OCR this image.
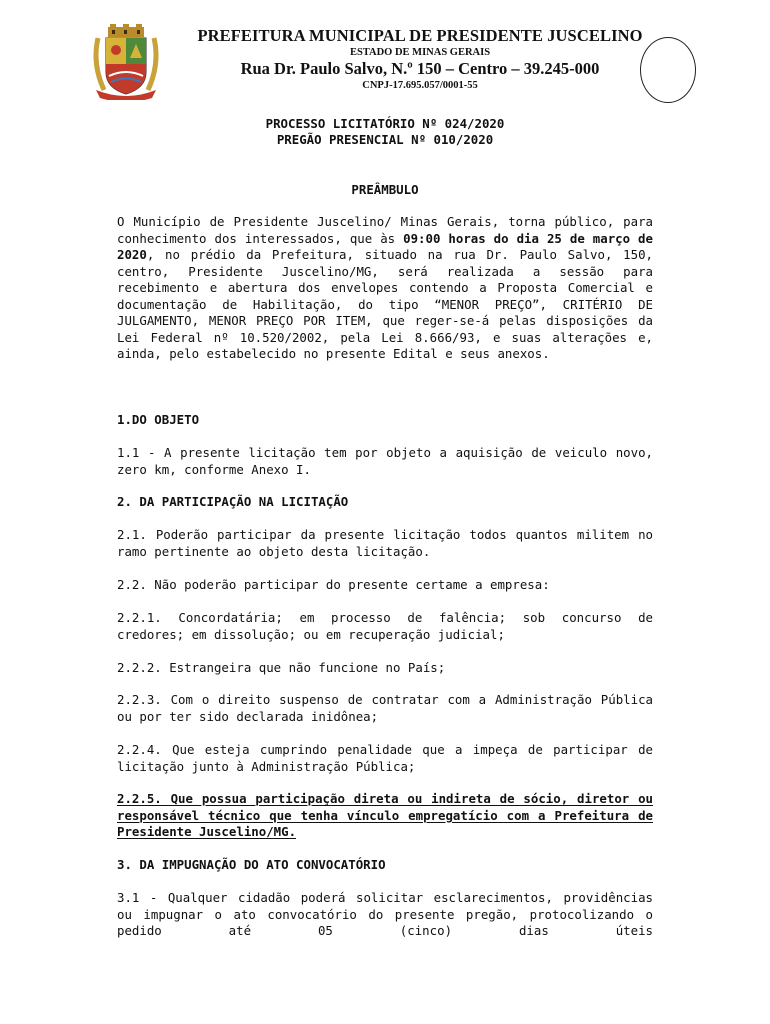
PREFEITURA MUNICIPAL DE PRESIDENTE JUSCELINO
ESTADO DE MINAS GERAIS
Rua Dr. Paulo Salvo, N.º 150 – Centro – 39.245-000
CNPJ-17.695.057/0001-55
PROCESSO LICITATÓRIO Nº 024/2020
PREGÃO PRESENCIAL Nº 010/2020
PREÂMBULO
O Município de Presidente Juscelino/ Minas Gerais, torna público, para conhecimento dos interessados, que às 09:00 horas do dia 25 de março de 2020, no prédio da Prefeitura, situado na rua Dr. Paulo Salvo, 150, centro, Presidente Juscelino/MG, será realizada a sessão para recebimento e abertura dos envelopes contendo a Proposta Comercial e documentação de Habilitação, do tipo “MENOR PREÇO”, CRITÉRIO DE JULGAMENTO, MENOR PREÇO POR ITEM, que reger-se-á pelas disposições da Lei Federal nº 10.520/2002, pela Lei 8.666/93, e suas alterações e, ainda, pelo estabelecido no presente Edital e seus anexos.
1.DO OBJETO
1.1 - A presente licitação tem por objeto a aquisição de veiculo novo, zero km, conforme Anexo I.
2. DA PARTICIPAÇÃO NA LICITAÇÃO
2.1. Poderão participar da presente licitação todos quantos militem no ramo pertinente ao objeto desta licitação.
2.2. Não poderão participar do presente certame a empresa:
2.2.1. Concordatária; em processo de falência; sob concurso de credores; em dissolução; ou em recuperação judicial;
2.2.2. Estrangeira que não funcione no País;
2.2.3. Com o direito suspenso de contratar com a Administração Pública ou por ter sido declarada inidônea;
2.2.4. Que esteja cumprindo penalidade que a impeça de participar de licitação junto à Administração Pública;
2.2.5. Que possua participação direta ou indireta de sócio, diretor ou responsável técnico que tenha vínculo empregatício com a Prefeitura de Presidente Juscelino/MG.
3. DA IMPUGNAÇÃO DO ATO CONVOCATÓRIO
3.1 - Qualquer cidadão poderá solicitar esclarecimentos, providências ou impugnar o ato convocatório do presente pregão, protocolizando o pedido até 05 (cinco) dias úteis
